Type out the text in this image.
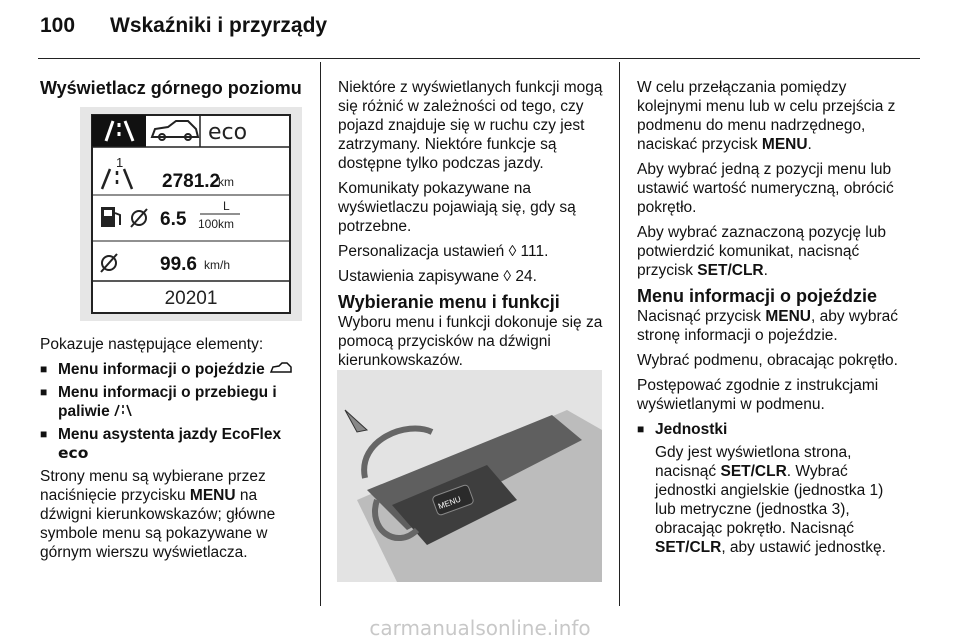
100 Wskaźniki i przyrządy
Wyświetlacz górnego poziomu
eco
1
2781.2
km
6.5
L
100km
99.6 km/h
20201

Pokazuje następujące elementy:

■ Menu informacji o pojeździe
■ Menu informacji o przebiegu i paliwie
■ Menu asystenta jazdy EcoFlex
eco

Strony menu są wybierane przez naciśnięcie przycisku MENU na dźwigni kierunkowskazów; główne symbole menu są pokazywane w górnym wierszu wyświetlacza.

Niektóre z wyświetlanych funkcji mogą się różnić w zależności od tego, czy pojazd znajduje się w ruchu czy jest zatrzymany. Niektóre funkcje są dostępne tylko podczas jazdy.

Komunikaty pokazywane na wyświetlaczu pojawiają się, gdy są potrzebne.

Personalizacja ustawień ◊ 111.

Ustawienia zapisywane ◊ 24.

Wybieranie menu i funkcji

Wyboru menu i funkcji dokonuje się za pomocą przycisków na dźwigni kierunkowskazów.

MENU

W celu przełączania pomiędzy kolejnymi menu lub w celu przejścia z podmenu do menu nadrzędnego, naciskać przycisk MENU.

Aby wybrać jedną z pozycji menu lub ustawić wartość numeryczną, obrócić pokrętło.

Aby wybrać zaznaczoną pozycję lub potwierdzić komunikat, nacisnąć przycisk SET/CLR.

Menu informacji o pojeździe

Nacisnąć przycisk MENU, aby wybrać stronę informacji o pojeździe.

Wybrać podmenu, obracając pokrętło.

Postępować zgodnie z instrukcjami wyświetlanymi w podmenu.

■ Jednostki

Gdy jest wyświetlona strona, nacisnąć SET/CLR. Wybrać jednostki angielskie (jednostka 1) lub metryczne (jednostka 3), obracając pokrętło. Nacisnąć SET/CLR, aby ustawić jednostkę.

carmanualsonline.info
